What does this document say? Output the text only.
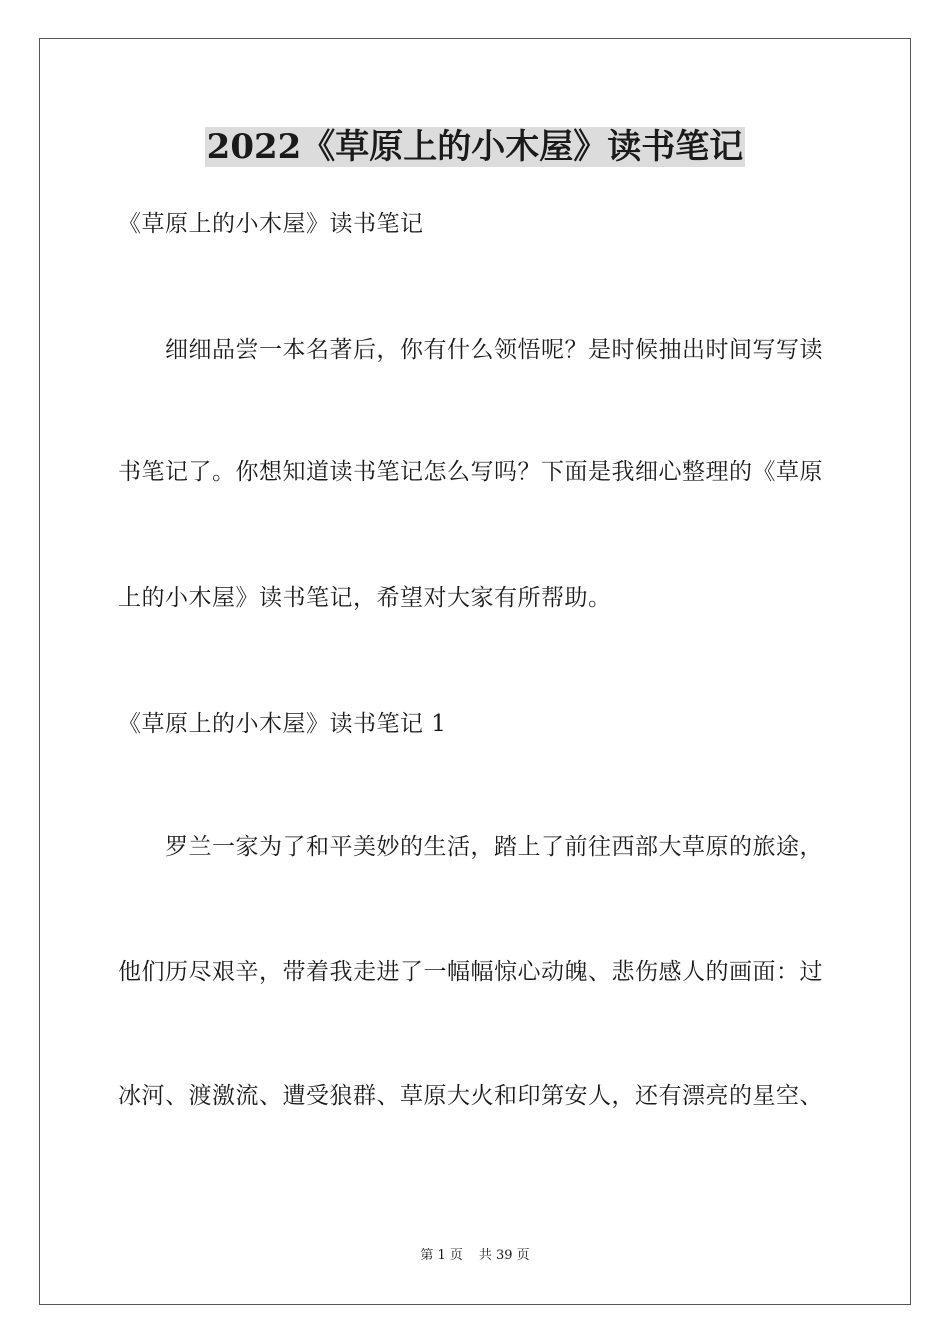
2022《草原上的小木屋》读书笔记
《草原上的小木屋》读书笔记
　　细细品尝一本名著后，你有什么领悟呢？是时候抽出时间写写读
书笔记了。你想知道读书笔记怎么写吗？下面是我细心整理的《草原
上的小木屋》读书笔记，希望对大家有所帮助。
《草原上的小木屋》读书笔记 1
　　罗兰一家为了和平美妙的生活，踏上了前往西部大草原的旅途，
他们历尽艰辛，带着我走进了一幅幅惊心动魄、悲伤感人的画面：过
冰河、渡激流、遭受狼群、草原大火和印第安人，还有漂亮的星空、
第 1 页 共 39 页
